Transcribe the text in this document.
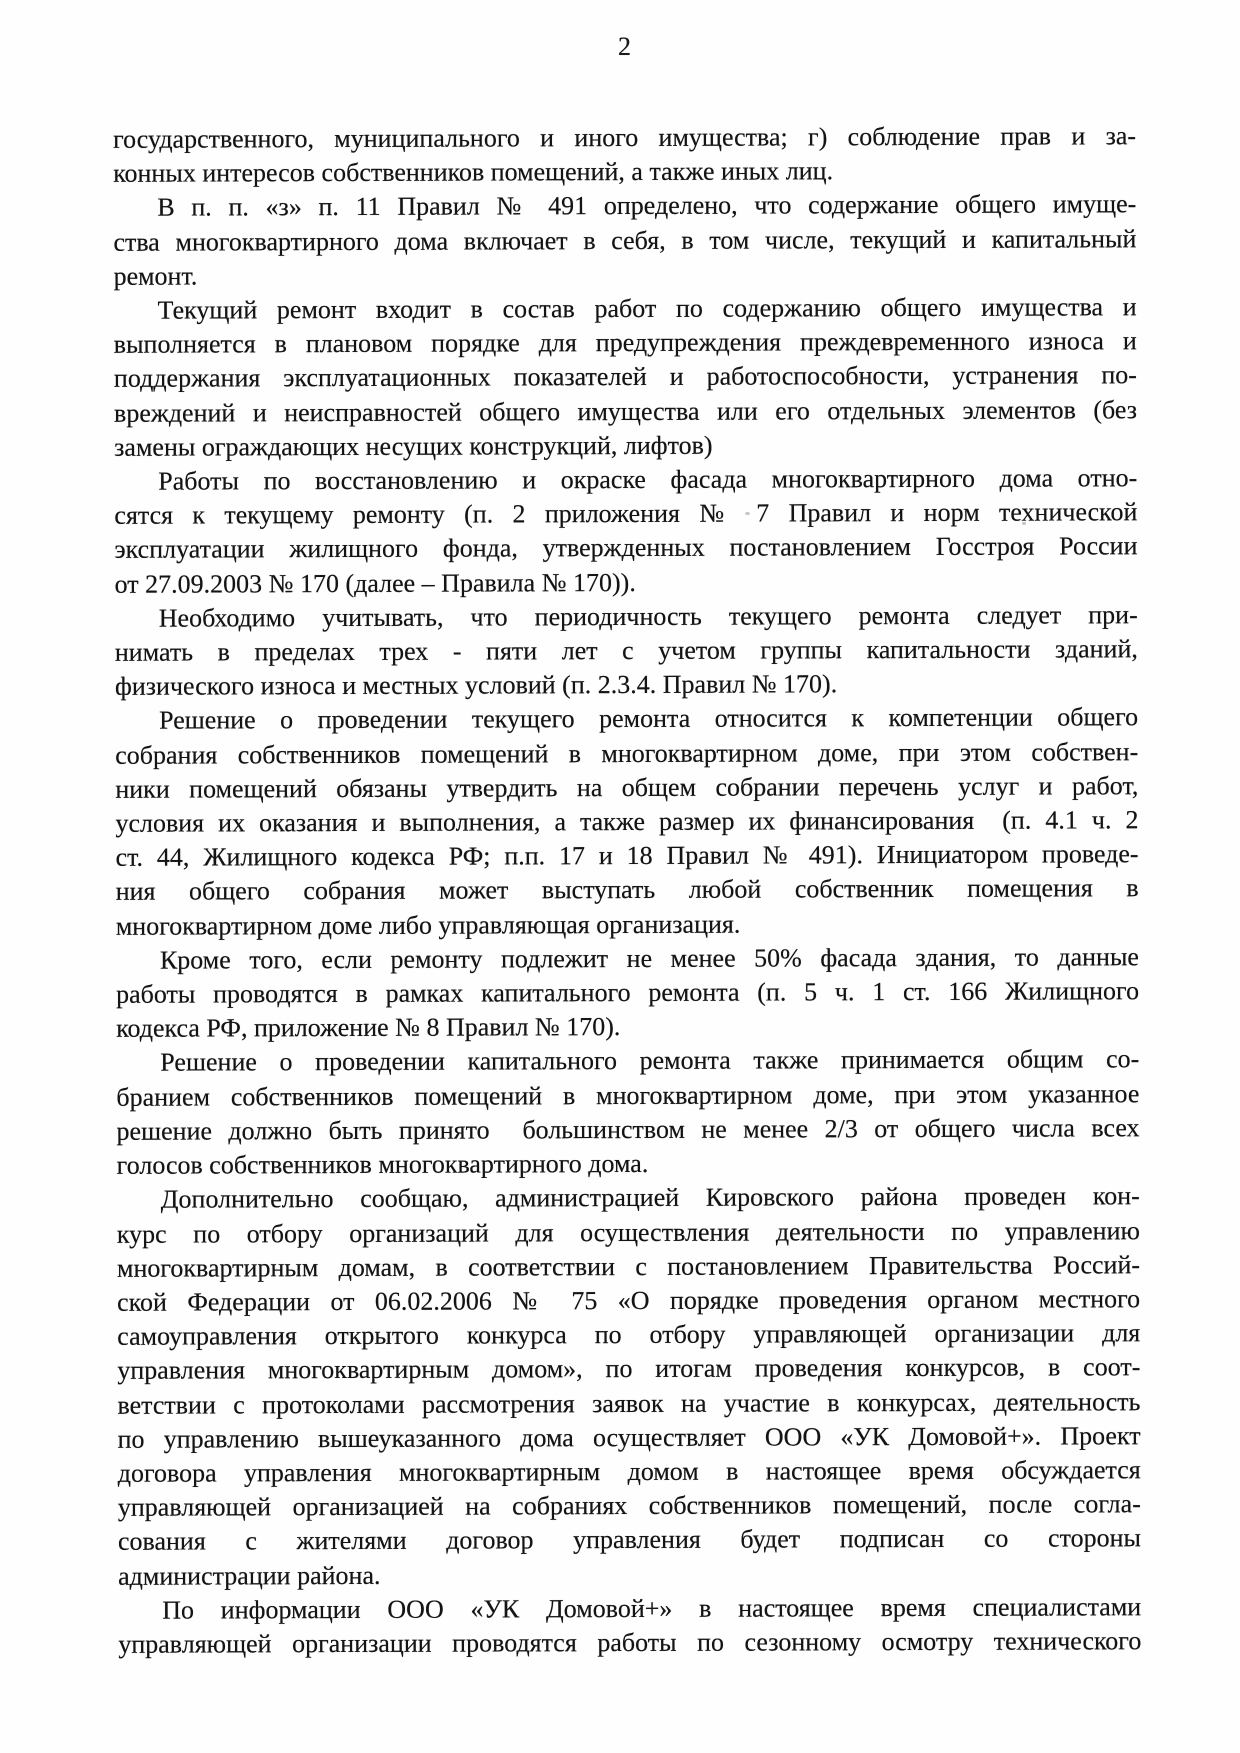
2
государственного, муниципального и иного имущества; г) соблюдение прав и за-
конных интересов собственников помещений, а также иных лиц.
В п. п. «з» п. 11 Правил № 491 определено, что содержание общего имуще-
ства многоквартирного дома включает в себя, в том числе, текущий и капитальный
ремонт.
Текущий ремонт входит в состав работ по содержанию общего имущества и
выполняется в плановом порядке для предупреждения преждевременного износа и
поддержания эксплуатационных показателей и работоспособности, устранения по-
вреждений и неисправностей общего имущества или его отдельных элементов (без
замены ограждающих несущих конструкций, лифтов)
Работы по восстановлению и окраске фасада многоквартирного дома отно-
сятся к текущему ремонту (п. 2 приложения № 7 Правил и норм технической
эксплуатации жилищного фонда, утвержденных постановлением Госстроя России
от 27.09.2003 № 170 (далее – Правила № 170)).
Необходимо учитывать, что периодичность текущего ремонта следует при-
нимать в пределах трех - пяти лет с учетом группы капитальности зданий,
физического износа и местных условий (п. 2.3.4. Правил № 170).
Решение о проведении текущего ремонта относится к компетенции общего
собрания собственников помещений в многоквартирном доме, при этом собствен-
ники помещений обязаны утвердить на общем собрании перечень услуг и работ,
условия их оказания и выполнения, а также размер их финансирования  (п. 4.1 ч. 2
ст. 44, Жилищного кодекса РФ; п.п. 17 и 18 Правил № 491). Инициатором проведе-
ния общего собрания может выступать любой собственник помещения в
многоквартирном доме либо управляющая организация.
Кроме того, если ремонту подлежит не менее 50% фасада здания, то данные
работы проводятся в рамках капитального ремонта (п. 5 ч. 1 ст. 166 Жилищного
кодекса РФ, приложение № 8 Правил № 170).
Решение о проведении капитального ремонта также принимается общим со-
бранием собственников помещений в многоквартирном доме, при этом указанное
решение должно быть принято  большинством не менее 2/3 от общего числа всех
голосов собственников многоквартирного дома.
Дополнительно сообщаю, администрацией Кировского района проведен кон-
курс по отбору организаций для осуществления деятельности по управлению
многоквартирным домам, в соответствии с постановлением Правительства Россий-
ской Федерации от 06.02.2006 № 75 «О порядке проведения органом местного
самоуправления открытого конкурса по отбору управляющей организации для
управления многоквартирным домом», по итогам проведения конкурсов, в соот-
ветствии с протоколами рассмотрения заявок на участие в конкурсах, деятельность
по управлению вышеуказанного дома осуществляет ООО «УК Домовой+». Проект
договора управления многоквартирным домом в настоящее время обсуждается
управляющей организацией на собраниях собственников помещений, после согла-
сования с жителями договор управления будет подписан со стороны
администрации района.
По информации ООО «УК Домовой+» в настоящее время специалистами
управляющей организации проводятся работы по сезонному осмотру технического
